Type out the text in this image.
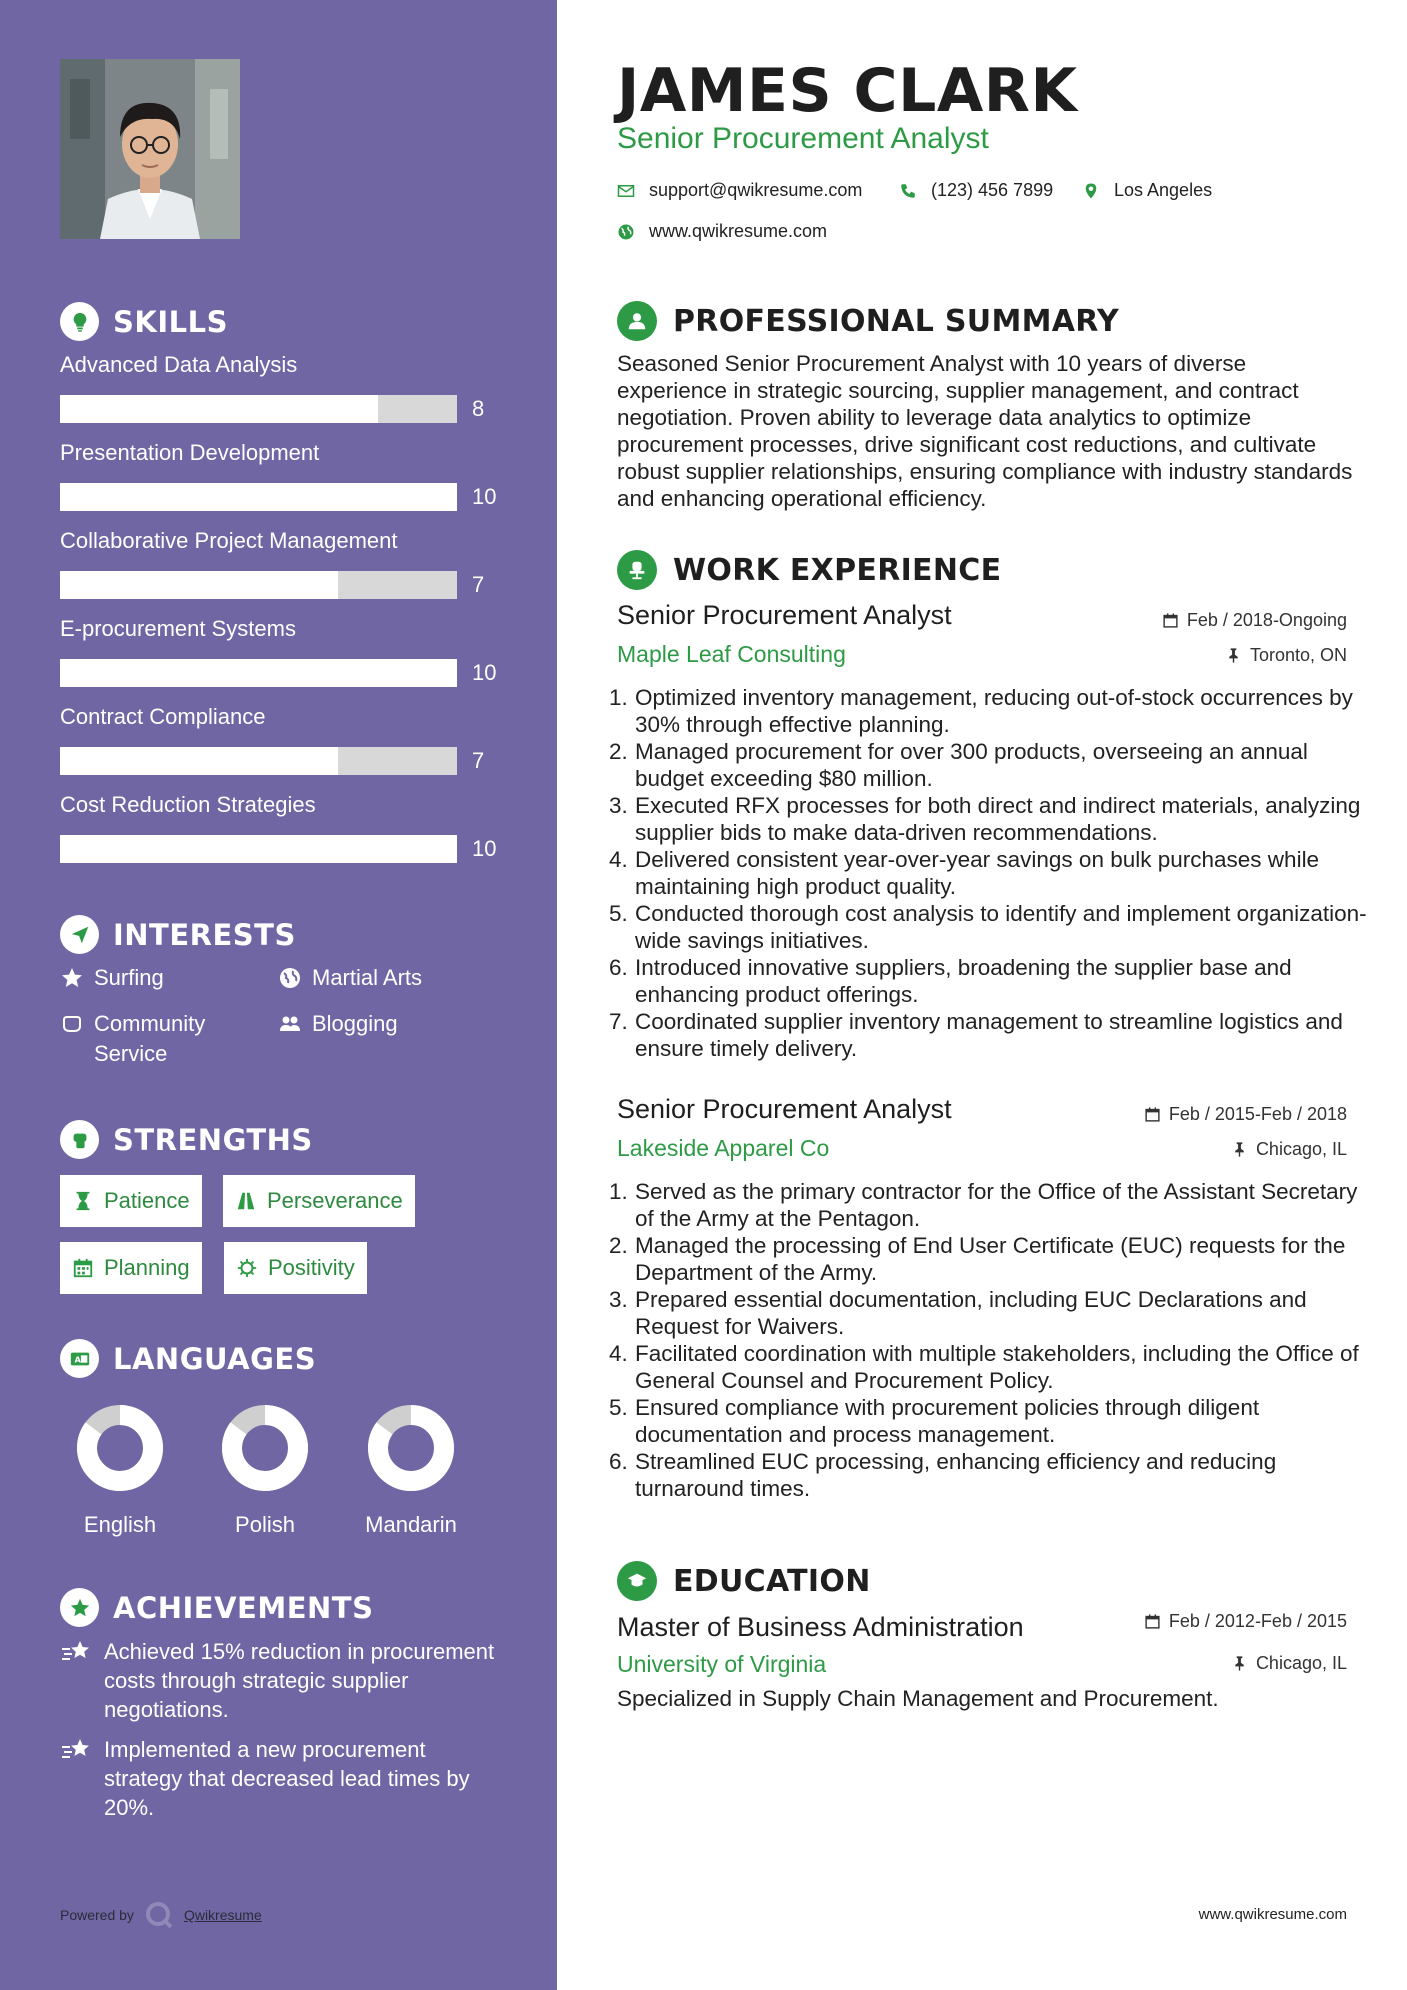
SKILLS
Advanced Data Analysis
8
Presentation Development
10
Collaborative Project Management
7
E-procurement Systems
10
Contract Compliance
7
Cost Reduction Strategies
10
INTERESTS
Surfing	Martial Arts
Community Service
Blogging
STRENGTHS
Patience	Perseverance
Planning	Positivity
A LANGUAGES
English	Polish	Mandarin
ACHIEVEMENTS
Achieved 15% reduction in procurement costs through strategic supplier negotiations.
Implemented a new procurement strategy that decreased lead times by 20%.
Powered by	Qwikresume
JAMES CLARK
Senior Procurement Analyst
support@qwikresume.com	(123) 456 7899	Los Angeles
www.qwikresume.com
PROFESSIONAL SUMMARY

Seasoned Senior Procurement Analyst with 10 years of diverse experience in strategic sourcing, supplier management, and contract negotiation. Proven ability to leverage data analytics to optimize procurement processes, drive significant cost reductions, and cultivate robust supplier relationships, ensuring compliance with industry standards and enhancing operational efficiency.

WORK EXPERIENCE
Senior Procurement Analyst	Feb / 2018-Ongoing
Maple Leaf Consulting	Toronto, ON
1. Optimized inventory management, reducing out-of-stock occurrences by 30% through effective planning.
2. Managed procurement for over 300 products, overseeing an annual budget exceeding $80 million.
3. Executed RFX processes for both direct and indirect materials, analyzing supplier bids to make data-driven recommendations.
4. Delivered consistent year-over-year savings on bulk purchases while maintaining high product quality.
5. Conducted thorough cost analysis to identify and implement organization-wide savings initiatives.
6. Introduced innovative suppliers, broadening the supplier base and enhancing product offerings.
7. Coordinated supplier inventory management to streamline logistics and ensure timely delivery.
Senior Procurement Analyst	Feb / 2015-Feb / 2018
Lakeside Apparel Co	Chicago, IL
1. Served as the primary contractor for the Office of the Assistant Secretary of the Army at the Pentagon.
2. Managed the processing of End User Certificate (EUC) requests for the Department of the Army.
3. Prepared essential documentation, including EUC Declarations and Request for Waivers.
4. Facilitated coordination with multiple stakeholders, including the Office of General Counsel and Procurement Policy.
5. Ensured compliance with procurement policies through diligent documentation and process management.
6. Streamlined EUC processing, enhancing efficiency and reducing turnaround times.
EDUCATION
Master of Business Administration	Feb / 2012-Feb / 2015
University of Virginia	Chicago, IL
Specialized in Supply Chain Management and Procurement.
www.qwikresume.com
